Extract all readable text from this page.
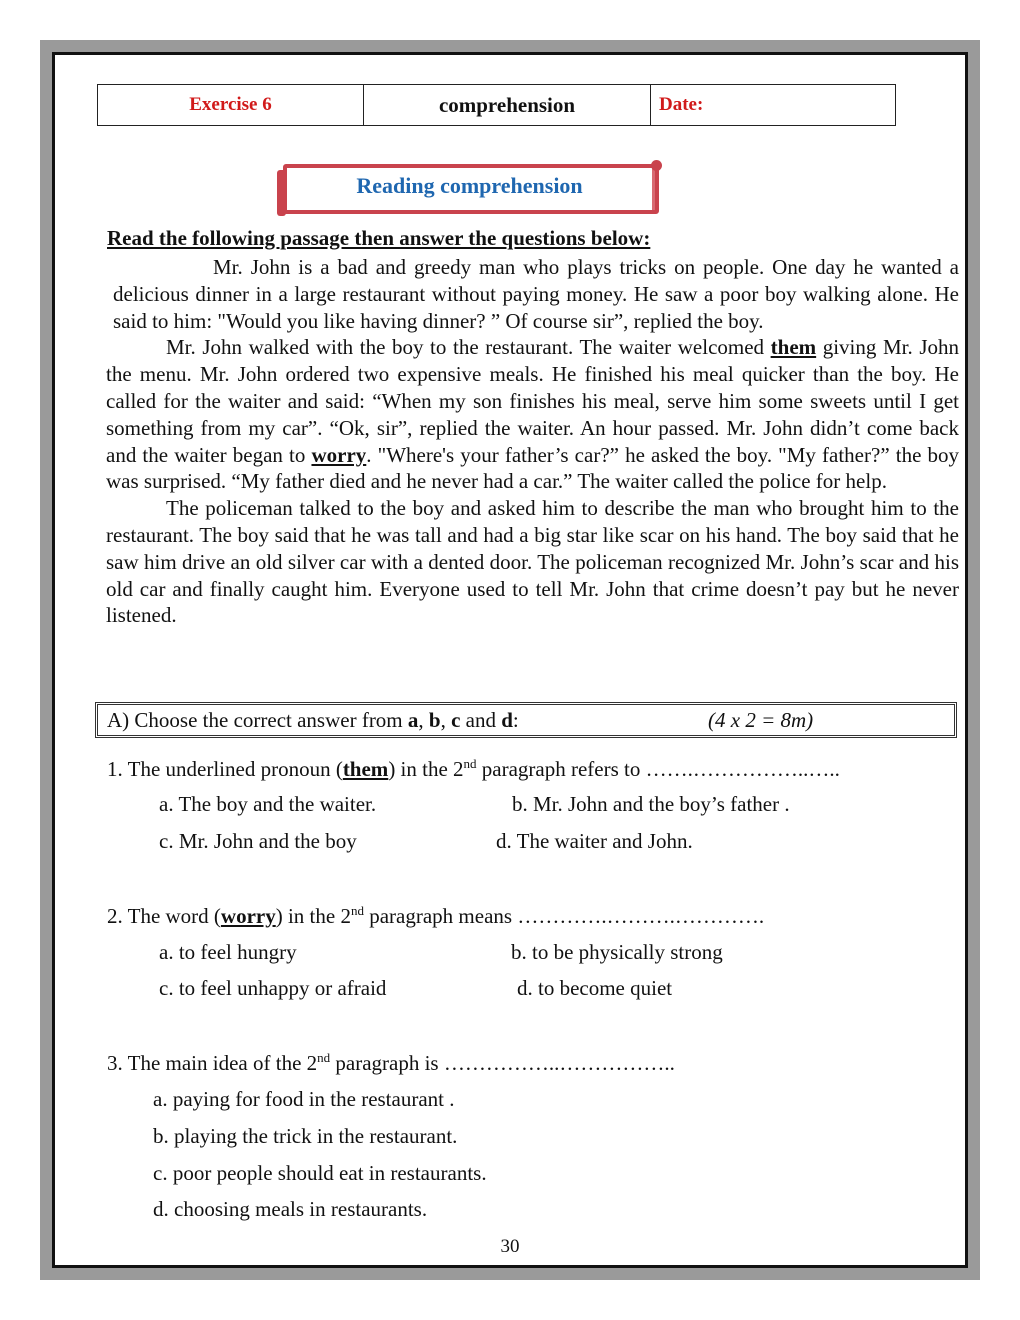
Exercise 6	comprehension	Date:
Reading comprehension
Read the following passage then answer the questions below:

Mr. John is a bad and greedy man who plays tricks on people. One day he wanted a delicious dinner in a large restaurant without paying money. He saw a poor boy walking alone. He said to him: "Would you like having dinner? ” Of course sir”, replied the boy.

Mr. John walked with the boy to the restaurant. The waiter welcomed them giving Mr. John the menu. Mr. John ordered two expensive meals. He finished his meal quicker than the boy. He called for the waiter and said: “When my son finishes his meal, serve him some sweets until I get something from my car”. “Ok, sir”, replied the waiter. An hour passed. Mr. John didn’t come back and the waiter began to worry. "Where's your father’s car?” he asked the boy. "My father?” the boy was surprised. “My father died and he never had a car.” The waiter called the police for help.

The policeman talked to the boy and asked him to describe the man who brought him to the restaurant. The boy said that he was tall and had a big star like scar on his hand. The boy said that he saw him drive an old silver car with a dented door. The policeman recognized Mr. John’s scar and his old car and finally caught him. Everyone used to tell Mr. John that crime doesn’t pay but he never listened.

A) Choose the correct answer from a, b, c and d:	(4 x 2 = 8m)
1. The underlined pronoun (them) in the 2nd paragraph refers to …….……………..…..
a. The boy and the waiter.	b. Mr. John and the boy’s father .
c. Mr. John and the boy	d. The waiter and John.
2. The word (worry) in the 2nd paragraph means ………….……….………….
a. to feel hungry	b. to be physically strong
c. to feel unhappy or afraid	d. to become quiet
3. The main idea of the 2nd paragraph is ……………..……………..
a. paying for food in the restaurant .
b. playing the trick in the restaurant.
c. poor people should eat in restaurants.
d. choosing meals in restaurants.
30
